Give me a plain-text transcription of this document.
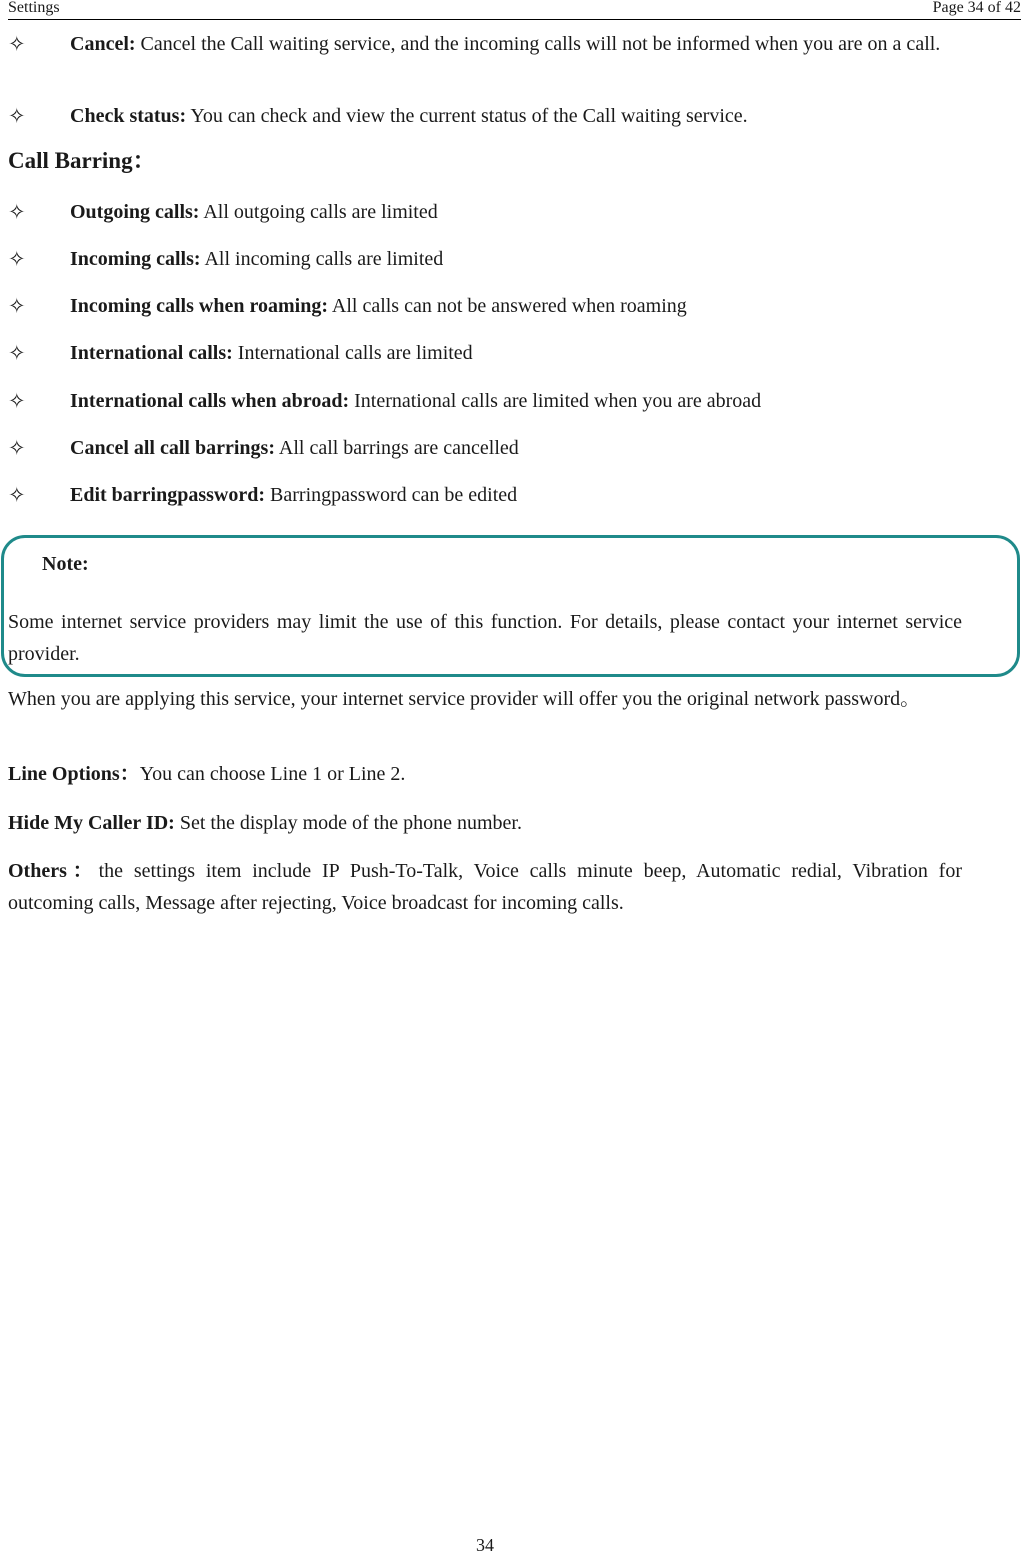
Settings	Page 34 of 42
✧ Cancel: Cancel the Call waiting service, and the incoming calls will not be informed when you are on a call.
✧ Check status: You can check and view the current status of the Call waiting service.
Call Barring：
✧ Outgoing calls: All outgoing calls are limited
✧ Incoming calls: All incoming calls are limited
✧ Incoming calls when roaming: All calls can not be answered when roaming
✧ International calls: International calls are limited
✧ International calls when abroad: International calls are limited when you are abroad
✧ Cancel all call barrings: All call barrings are cancelled
✧ Edit barringpassword: Barringpassword can be edited
Note:
Some internet service providers may limit the use of this function. For details, please contact your internet service provider.
When you are applying this service, your internet service provider will offer you the original network password。
Line Options：You can choose Line 1 or Line 2.
Hide My Caller ID: Set the display mode of the phone number.
Others：the settings item include IP Push-To-Talk, Voice calls minute beep, Automatic redial, Vibration for outcoming calls, Message after rejecting, Voice broadcast for incoming calls.
34
